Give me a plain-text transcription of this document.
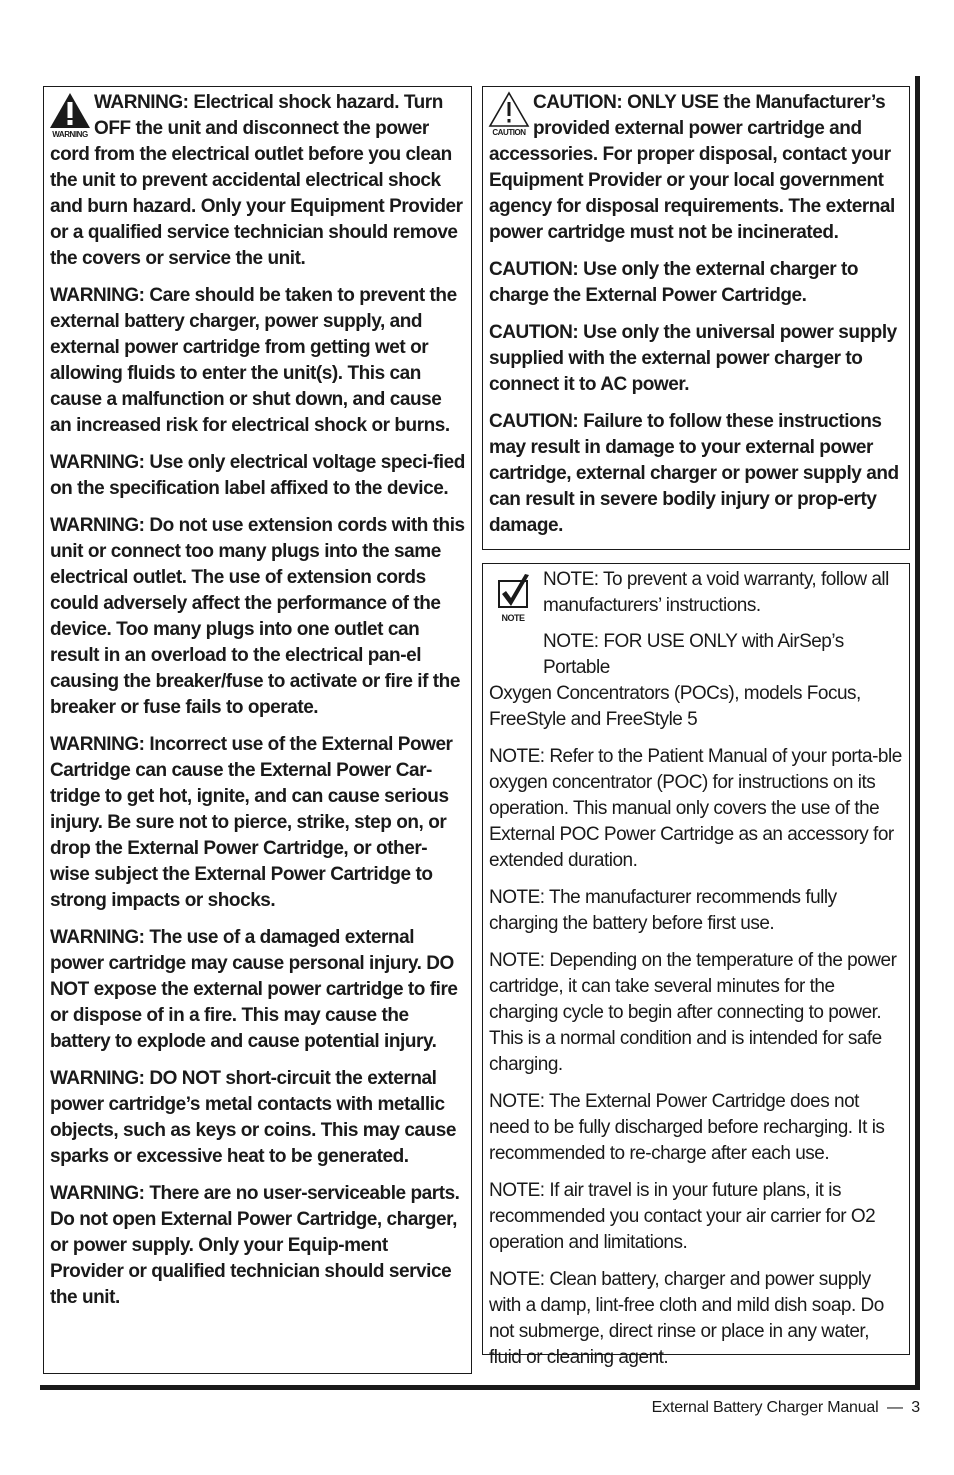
WARNING
WARNING: Electrical shock hazard. Turn OFF the unit and disconnect the power cord from the electrical outlet before you clean the unit to prevent accidental electrical shock and burn hazard. Only your Equipment Provider or a qualified service technician should remove the covers or service the unit.

WARNING: Care should be taken to prevent the external battery charger, power supply, and external power cartridge from getting wet or allowing fluids to enter the unit(s). This can cause a malfunction or shut down, and cause an increased risk for electrical shock or burns.

WARNING: Use only electrical voltage speci-fied on the specification label affixed to the device.

WARNING: Do not use extension cords with this unit or connect too many plugs into the same electrical outlet. The use of extension cords could adversely affect the performance of the device. Too many plugs into one outlet can result in an overload to the electrical pan-el causing the breaker/fuse to activate or fire if the breaker or fuse fails to operate.

WARNING: Incorrect use of the External Power Cartridge can cause the External Power Car-tridge to get hot, ignite, and can cause serious injury. Be sure not to pierce, strike, step on, or drop the External Power Cartridge, or other-wise subject the External Power Cartridge to strong impacts or shocks.

WARNING: The use of a damaged external power cartridge may cause personal injury. DO NOT expose the external power cartridge to fire or dispose of in a fire. This may cause the battery to explode and cause potential injury.

WARNING: DO NOT short-circuit the external power cartridge’s metal contacts with metallic objects, such as keys or coins. This may cause sparks or excessive heat to be generated.

WARNING: There are no user-serviceable parts. Do not open External Power Cartridge, charger, or power supply. Only your Equip-ment Provider or qualified technician should service the unit.

CAUTION
CAUTION: ONLY USE the Manufacturer’s provided external power cartridge and accessories. For proper disposal, contact your Equipment Provider or your local government agency for disposal requirements. The external power cartridge must not be incinerated.

CAUTION: Use only the external charger to charge the External Power Cartridge.

CAUTION: Use only the universal power supply supplied with the external power charger to connect it to AC power.

CAUTION: Failure to follow these instructions may result in damage to your external power cartridge, external charger or power supply and can result in severe bodily injury or prop-erty damage.

NOTE
NOTE: To prevent a void warranty, follow all manufacturers’ instructions.
NOTE: FOR USE ONLY with AirSep’s Portable

Oxygen Concentrators (POCs), models Focus, FreeStyle and FreeStyle 5

NOTE: Refer to the Patient Manual of your porta-ble oxygen concentrator (POC) for instructions on its operation. This manual only covers the use of the External POC Power Cartridge as an accessory for extended duration.

NOTE: The manufacturer recommends fully charging the battery before first use.

NOTE: Depending on the temperature of the power cartridge, it can take several minutes for the charging cycle to begin after connecting to power. This is a normal condition and is intended for safe charging.

NOTE: The External Power Cartridge does not need to be fully discharged before recharging. It is recommended to re-charge after each use.

NOTE: If air travel is in your future plans, it is recommended you contact your air carrier for O2 operation and limitations.

NOTE: Clean battery, charger and power supply with a damp, lint-free cloth and mild dish soap. Do not submerge, direct rinse or place in any water, fluid or cleaning agent.

External Battery Charger Manual — 3
